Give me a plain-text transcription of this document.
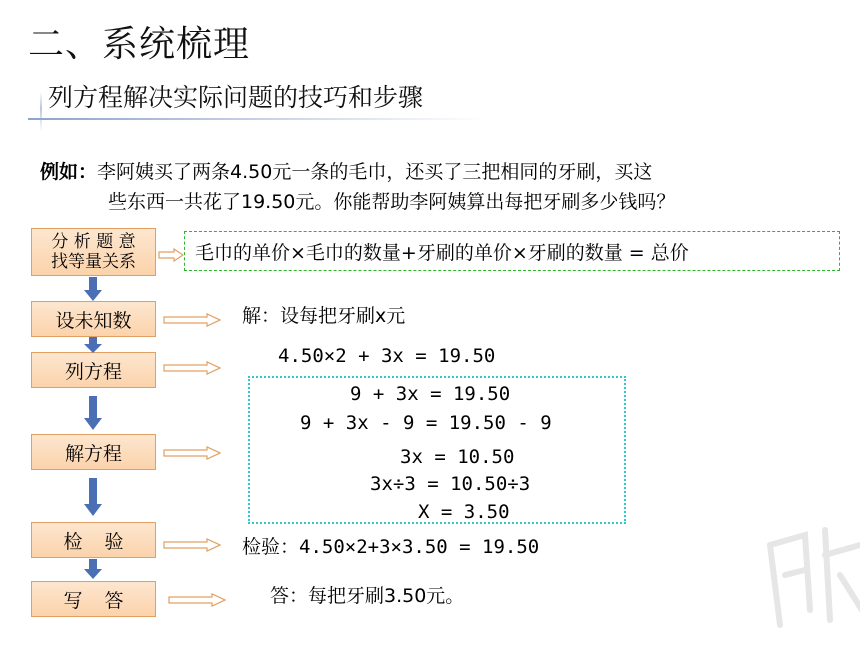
二、系统梳理
列方程解决实际问题的技巧和步骤
例如：李阿姨买了两条4.50元一条的毛巾，还买了三把相同的牙刷，买这
些东西一共花了19.50元。你能帮助李阿姨算出每把牙刷多少钱吗？
分 析 题 意
找等量关系
设未知数
列方程
解方程
检 验
写 答
毛巾的单价×毛巾的数量+牙刷的单价×牙刷的数量 = 总价
解：设每把牙刷x元
4.50×2 + 3x = 19.50
9 + 3x = 19.50
9 + 3x - 9 = 19.50 - 9
3x = 10.50
3x÷3 = 10.50÷3
X = 3.50
检验：4.50×2+3×3.50 = 19.50
答：每把牙刷3.50元。
